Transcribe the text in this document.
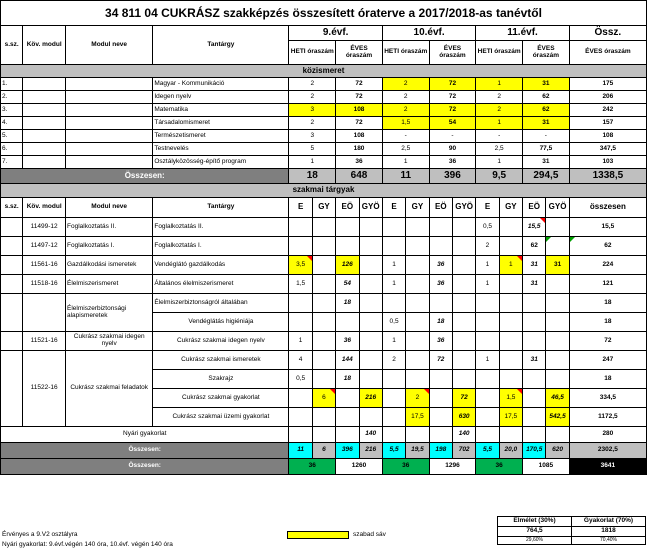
34 811 04 CUKRÁSZ szakképzés összesített óraterve a 2017/2018-as tanévtől																
s.sz.	Köv. modul	Modul neve	Tantárgy	9.évf.				10.évf.				11.évf.				Össz.
				HETI óraszám		ÉVES óraszám		HETI óraszám		ÉVES óraszám		HETI óraszám		ÉVES óraszám		ÉVES óraszám
közismeret																
1.			Magyar - Kommunikáció	2		72		2		72		1		31		175
2.			Idegen nyelv	2		72		2		72		2		62		206
3.			Matematika	3		108		2		72		2		62		242
4.			Társadalomismeret	2		72		1,5		54		1		31		157
5.			Természetismeret	3		108		-		-		-		-		108
6.			Testnevelés	5		180		2,5		90		2,5		77,5		347,5
7.			Osztályközösség-építő program	1		36		1		36		1		31		103
Összesen:				18		648		11		396		9,5		294,5		1338,5
szakmai tárgyak																
s.sz.	Köv. modul	Modul neve	Tantárgy	E	GY	EÖ	GYÖ	E	GY	EÖ	GYÖ	E	GY	EÖ	GYÖ	összesen
	11499-12	Foglalkoztatás II.	Foglalkoztatás II.									0,5		15,5		15,5
	11497-12	Foglalkoztatás I.	Foglalkoztatás I.									2		62		62
	11561-16	Gazdálkodási ismeretek	Vendéglátó gazdálkodás	3,5		126		1		36		1	1	31	31	224
	11518-16	Élelmiszerismeret	Általános élelmiszerismeret	1,5		54		1		36		1		31		121
		Élelmiszerbiztonsági alapismeretek	Élelmiszerbiztonságról általában			18										18
			Vendéglátás higiéniája					0,5		18						18
	11521-16	Cukrász szakmai idegen nyelv	Cukrász szakmai idegen nyelv	1		36		1		36						72
	11522-16	Cukrász szakmai feladatok	Cukrász szakmai ismeretek	4		144		2		72		1		31		247
			Szakrajz	0,5		18										18
			Cukrász szakmai gyakorlat		6		216		2		72		1,5		46,5	334,5
			Cukrász szakmai üzemi gyakorlat						17,5		630		17,5		542,5	1172,5
Nyári gyakorlat							140				140					280
Összesen:				11	6	396	216	5,5	19,5	198	702	5,5	20,0	170,5	620	2302,5
Összesen:				36		1260		36		1296		36		1085		3641
Érvényes a 9.V2 osztályra
Nyári gyakorlat: 9.évf.végén 140 óra, 10.évf. végén 140 óra
szabad sáv
Elmélet (30%)	Gyakorlat (70%)
764,5	1818
29,60%	70,40%
